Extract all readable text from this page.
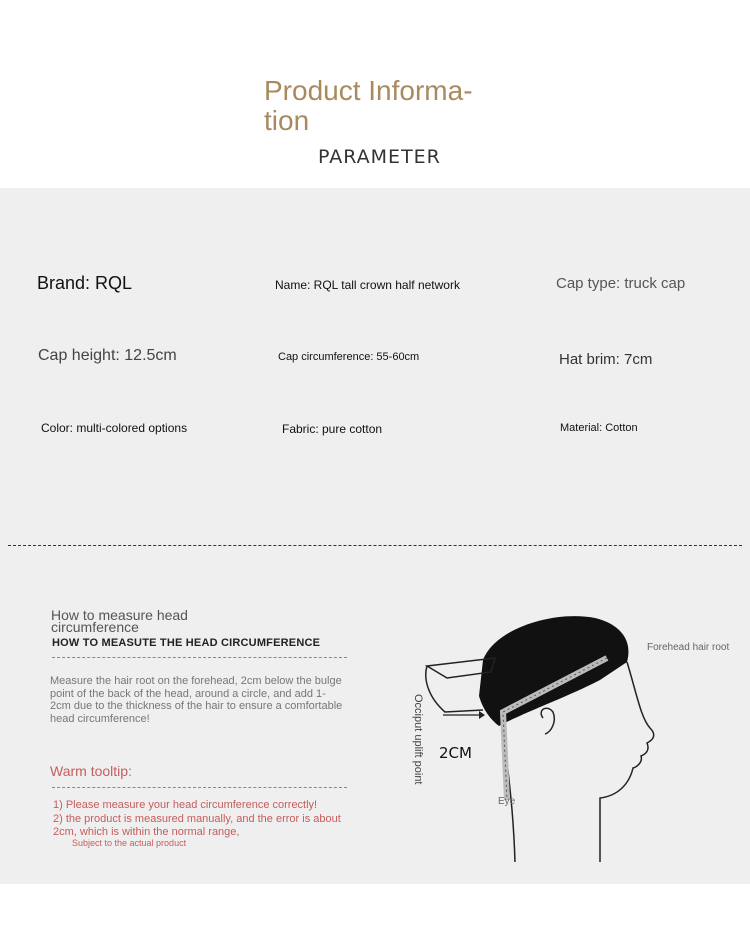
Product Informa-
tion
PARAMETER
Brand: RQL	Name: RQL tall crown half network	Cap type: truck cap
Cap height: 12.5cm	Cap circumference: 55-60cm	Hat brim: 7cm
Color: multi-colored options	Fabric: pure cotton	Material: Cotton
How to measure head circumference
HOW TO MEASUTE THE HEAD CIRCUMFERENCE
Measure the hair root on the forehead, 2cm below the bulge point of the back of the head, around a circle, and add 1-2cm due to the thickness of the hair to ensure a comfortable head circumference!
Warm tooltip:
1) Please measure your head circumference correctly!
2) the product is measured manually, and the error is about 2cm, which is within the normal range,
Subject to the actual product
Forehead hair root
2CM
Eye
Occiput uplift point
